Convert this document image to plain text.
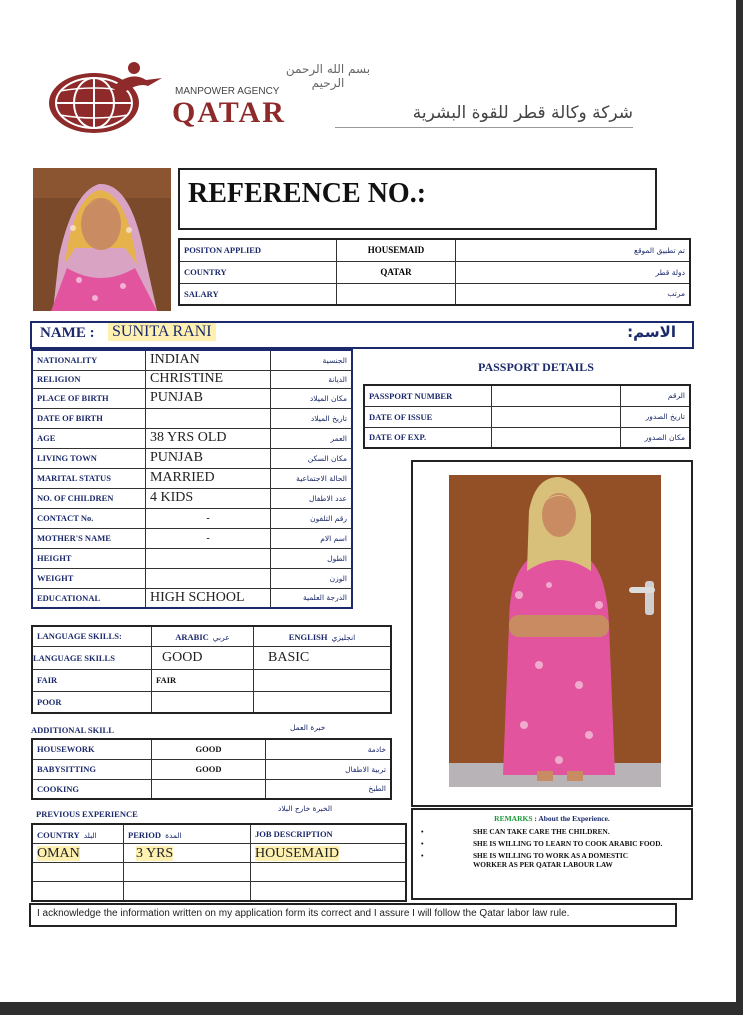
بسم الله الرحمن الرحيم
MANPOWER AGENCY
QATAR	شركة وكالة قطر للقوة البشرية
REFERENCE NO.:
POSITON APPLIED	HOUSEMAID	تم تطبيق الموقع
COUNTRY	QATAR	دولة قطر
SALARY		مرتب
NAME : SUNITA RANI	:الاسم
NATIONALITY	INDIAN	الجنسية
RELIGION	CHRISTINE	الديانة
PLACE OF BIRTH	PUNJAB	مكان الميلاد
DATE OF BIRTH		تاريخ الميلاد
AGE	38 YRS OLD	العمر
LIVING TOWN	PUNJAB	مكان السكن
MARITAL STATUS	MARRIED	الحالة الاجتماعية
NO. OF CHILDREN	4 KIDS	عدد الاطفال
CONTACT No.	-	رقم التلفون
MOTHER'S NAME	-	اسم الام
HEIGHT		الطول
WEIGHT		الوزن
EDUCATIONAL	HIGH SCHOOL	الدرجة العلمية
PASSPORT DETAILS
PASSPORT NUMBER		الرقم
DATE OF ISSUE		تاريخ الصدور
DATE OF EXP.		مكان الصدور
LANGUAGE SKILLS:	ARABIC عربي	ENGLISH انجليزي
LANGUAGE SKILLS	GOOD	BASIC
FAIR	FAIR	
POOR		
ADDITIONAL SKILL	خبرة العمل
HOUSEWORK	GOOD	خادمة
BABYSITTING	GOOD	تربية الاطفال
COOKING		الطبخ
PREVIOUS EXPERIENCE
الخبرة خارج البلاد
COUNTRY البلد	PERIOD المدة	JOB DESCRIPTION
OMAN	3 YRS	HOUSEMAID

REMARKS : About the Experience.
•	SHE CAN TAKE CARE THE CHILDREN.
•	SHE IS WILLING TO LEARN TO COOK ARABIC FOOD.
•	SHE IS WILLING TO WORK AS A DOMESTIC WORKER AS PER QATAR LABOUR LAW
I acknowledge the information written on my application form its correct and I assure I will follow the Qatar labor law rule.
